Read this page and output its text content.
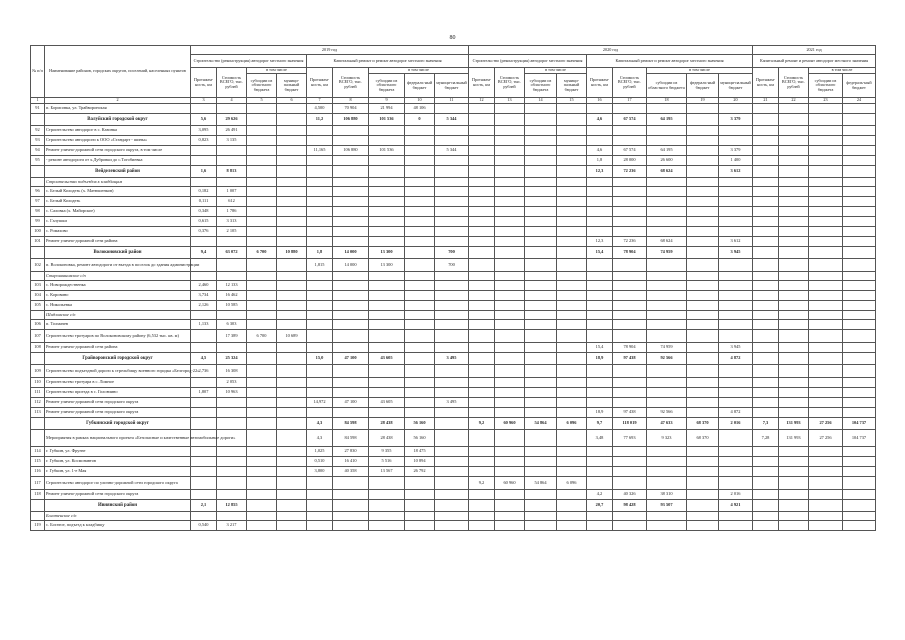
80
№ п/п	Наименование районов, городских округов, поселений, населенных пунктов	2019 год									2020 год									2021 год			
		Строительство (реконструкция) автодорог местного значения				Капитальный ремонт и ремонт автодорог местного значения					Строительство (реконструкция) автодорог местного значения				Капитальный ремонт и ремонт автодорог местного значения					Капитальный ремонт и ремонт автодорог местного значения			
		Протяжен-ность, км	Стоимость ВСЕГО, тыс. рублей	в том числе		Протяжен-ность, км	Стоимость ВСЕГО, тыс. рублей	в том числе			Протяжен-ность, км	Стоимость ВСЕГО, тыс. рублей	в том числе		Протяжен-ность, км	Стоимость ВСЕГО, тыс. рублей	в том числе			Протяжен-ность, км	Стоимость ВСЕГО, тыс. рублей	в том числе	
				субсидии из областного бюджета	муници-пальный бюджет			субсидии из областного бюджета	федераль-ный бюджет	муници-пальный бюджет			субсидии из областного бюджета	муници-пальный бюджет			субсидии из областного бюджета	федераль-ный бюджет	муници-пальный бюджет			субсидии из областного бюджета	федераль-ный бюджет
1	2	3	4	5	6	7	8	9	10	11	12	13	14	15	16	17	18	19	20	21	22	23	24
91	п. Борисовка, ул. Трайворонская					4,500	70 904	21 994	48 106														
	Валуйский городской округ	5,6	29 626			11,2	106 880	101 536	0	5 344					4,6	67 574	64 195		3 379				
92	Строительство автодорог в с. Казинка	3,095	26 491																				
93	Строительство автодороги к ООО «Стандарт - шины»	0,823	3 135																				
94	Ремонт улично-дорожной сети городского округа, в том числе					11,165	106 880	101 536		5 344					4,6	67 574	64 195		3 379				
95	- ремонт автодороги от х.Дубровки до с.Тогобиевка														1,8	28 000	26 600		1 400				
	Вейделевский район	1,6	8 813												12,3	72 236	68 624		3 612				
	Строительство подъездов к кладбищам																						
96	с. Белый Колодезь (х. Матюшенков)	0,182	1 007																				
97	с. Белый Колодезь	0,111	612																				
98	с. Саловка (х. Майорское)	0,348	1 786																				
99	с. Галушки	0,615	3 313																				
100	с. Ромахово	0,376	2 105																				
101	Ремонт улично-дорожной сети района														12,3	72 236	68 624		3 612				
	Волоконовский район	9,4	63 072	6 700	10 880	1,8	14 000	13 300		700					15,4	78 904	74 959		3 945				
102	п. Волоконовка, ремонт автодороги от въезда в поселок до здания администрации					1,815	14 000	13 300		700													
	Староивановское с/п																						
103	с. Новорождественка	2,460	12 133																				
104	с. Коровино	3,734	16 462																				
105	с. Никольевка	2,126	10 585																				
	Шидловское с/п																						
106	п. Толмачев	1,133	6 303																				
107	Строительство тротуаров по Волоконовскому району (6,532 тыс. кв. м)		17 389	6 700	10 689																		
108	Ремонт улично-дорожной сети района														15,4	78 904	74 959		3 945				
	Грайворонский городской округ	4,5	25 324			15,0	47 100	43 605		3 495					18,9	97 438	92 566		4 872				
109	Строительство подъездной дороги к стрельбищу военного городка «Белгород-22»	2,736	16 308																				
110	Строительство тротуара в с. Ломное		2 053																				
111	Строительство проезда в с. Головчино	1,807	10 963																				
112	Ремонт улично-дорожной сети городского округа					14,972	47 100	43 605		3 495													
113	Ремонт улично-дорожной сети городского округа														18,9	97 438	92 566		4 872				
	Губкинский городской округ					4,3	84 598	28 438	56 160		9,2	60 960	54 864	6 096	9,7	118 019	47 633	68 370	2 016	7,3	131 993	27 256	104 737
	Мероприятия в рамках национального проекта «Безопасные и качественные автомобильные дороги»					4,3	84 598	28 438	56 160						3,48	77 693	9 323	68 370		7,28	131 993	27 256	104 737
114	г. Губкин, ул. Фрунзе					1,025	27 830	9 355	18 475														
115	г. Губкин, ул. Космонавтов					0,510	16 410	5 516	10 894														
116	г. Губкин, ул. 1-е Мая					3,800	40 358	13 567	26 792														
117	Строительство автодорог по улично-дорожной сети городского округа										9,2	60 960	54 864	6 096									
118	Ремонт улично-дорожной сети городского округа														4,2	40 326	38 310		2 016				
	Ивнянский район	2,1	12 855												20,7	98 428	93 507		4 921				
	Богатенское с/п																						
119	с. Богатое, подъезд к кладбищу	0,540	3 217																				
